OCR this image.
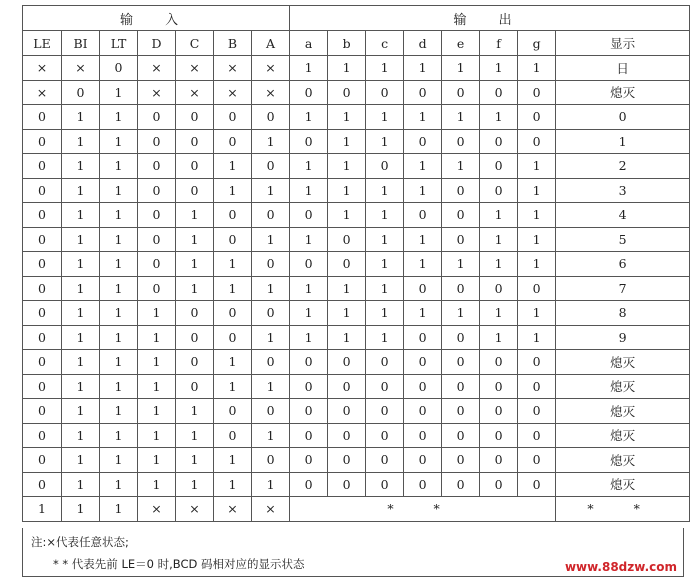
输 入							输 出							
LE	BI	LT	D	C	B	A	a	b	c	d	e	f	g	显示
×	×	0	×	×	×	×	1	1	1	1	1	1	1	日
×	0	1	×	×	×	×	0	0	0	0	0	0	0	熄灭
0	1	1	0	0	0	0	1	1	1	1	1	1	0	0
0	1	1	0	0	0	1	0	1	1	0	0	0	0	1
0	1	1	0	0	1	0	1	1	0	1	1	0	1	2
0	1	1	0	0	1	1	1	1	1	1	0	0	1	3
0	1	1	0	1	0	0	0	1	1	0	0	1	1	4
0	1	1	0	1	0	1	1	0	1	1	0	1	1	5
0	1	1	0	1	1	0	0	0	1	1	1	1	1	6
0	1	1	0	1	1	1	1	1	1	0	0	0	0	7
0	1	1	1	0	0	0	1	1	1	1	1	1	1	8
0	1	1	1	0	0	1	1	1	1	0	0	1	1	9
0	1	1	1	0	1	0	0	0	0	0	0	0	0	熄灭
0	1	1	1	0	1	1	0	0	0	0	0	0	0	熄灭
0	1	1	1	1	0	0	0	0	0	0	0	0	0	熄灭
0	1	1	1	1	0	1	0	0	0	0	0	0	0	熄灭
0	1	1	1	1	1	0	0	0	0	0	0	0	0	熄灭
0	1	1	1	1	1	1	0	0	0	0	0	0	0	熄灭
1	1	1	×	×	×	×	* *							* *
注:×代表任意状态;
* * 代表先前 LE＝0 时,BCD 码相对应的显示状态	www.88dzw.com
